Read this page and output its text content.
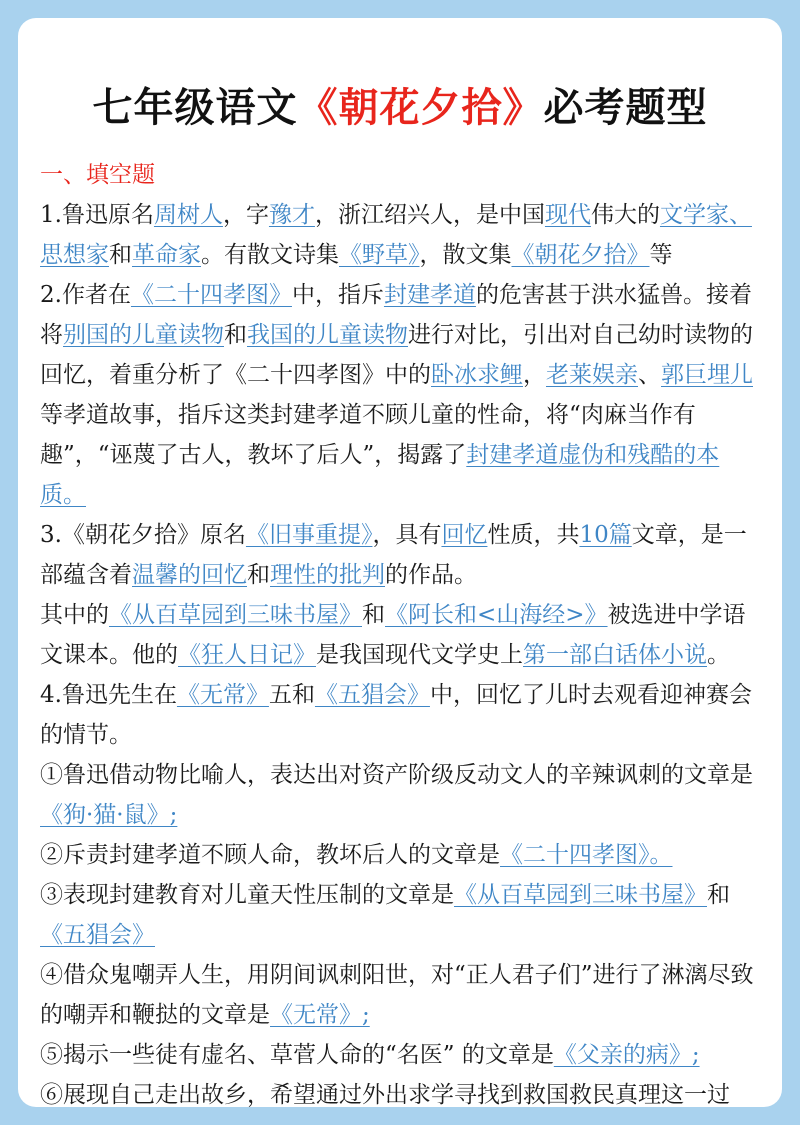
七年级语文《朝花夕拾》必考题型

一、填空题

1.鲁迅原名周树人，字豫才，浙江绍兴人，是中国现代伟大的文学家、思想家和革命家。有散文诗集《野草》，散文集《朝花夕拾》等

2.作者在《二十四孝图》中，指斥封建孝道的危害甚于洪水猛兽。接着将别国的儿童读物和我国的儿童读物进行对比，引出对自己幼时读物的回忆，着重分析了《二十四孝图》中的卧冰求鲤，老莱娱亲、郭巨埋儿等孝道故事，指斥这类封建孝道不顾儿童的性命，将“肉麻当作有趣”，“诬蔑了古人，教坏了后人”，揭露了封建孝道虚伪和残酷的本质。

3.《朝花夕拾》原名《旧事重提》，具有回忆性质，共10篇文章，是一部蕴含着温馨的回忆和理性的批判的作品。

其中的《从百草园到三味书屋》和《阿长和<山海经>》被选进中学语文课本。他的《狂人日记》是我国现代文学史上第一部白话体小说。

4.鲁迅先生在《无常》五和《五猖会》中，回忆了儿时去观看迎神赛会的情节。

①鲁迅借动物比喻人，表达出对资产阶级反动文人的辛辣讽刺的文章是《狗·猫·鼠》;

②斥责封建孝道不顾人命，教坏后人的文章是《二十四孝图》。

③表现封建教育对儿童天性压制的文章是《从百草园到三味书屋》和《五猖会》

④借众鬼嘲弄人生，用阴间讽刺阳世，对“正人君子们”进行了淋漓尽致的嘲弄和鞭挞的文章是《无常》;

⑤揭示一些徒有虚名、草菅人命的“名医” 的文章是《父亲的病》;

⑥展现自己走出故乡，希望通过外出求学寻找到救国救民真理这一过
